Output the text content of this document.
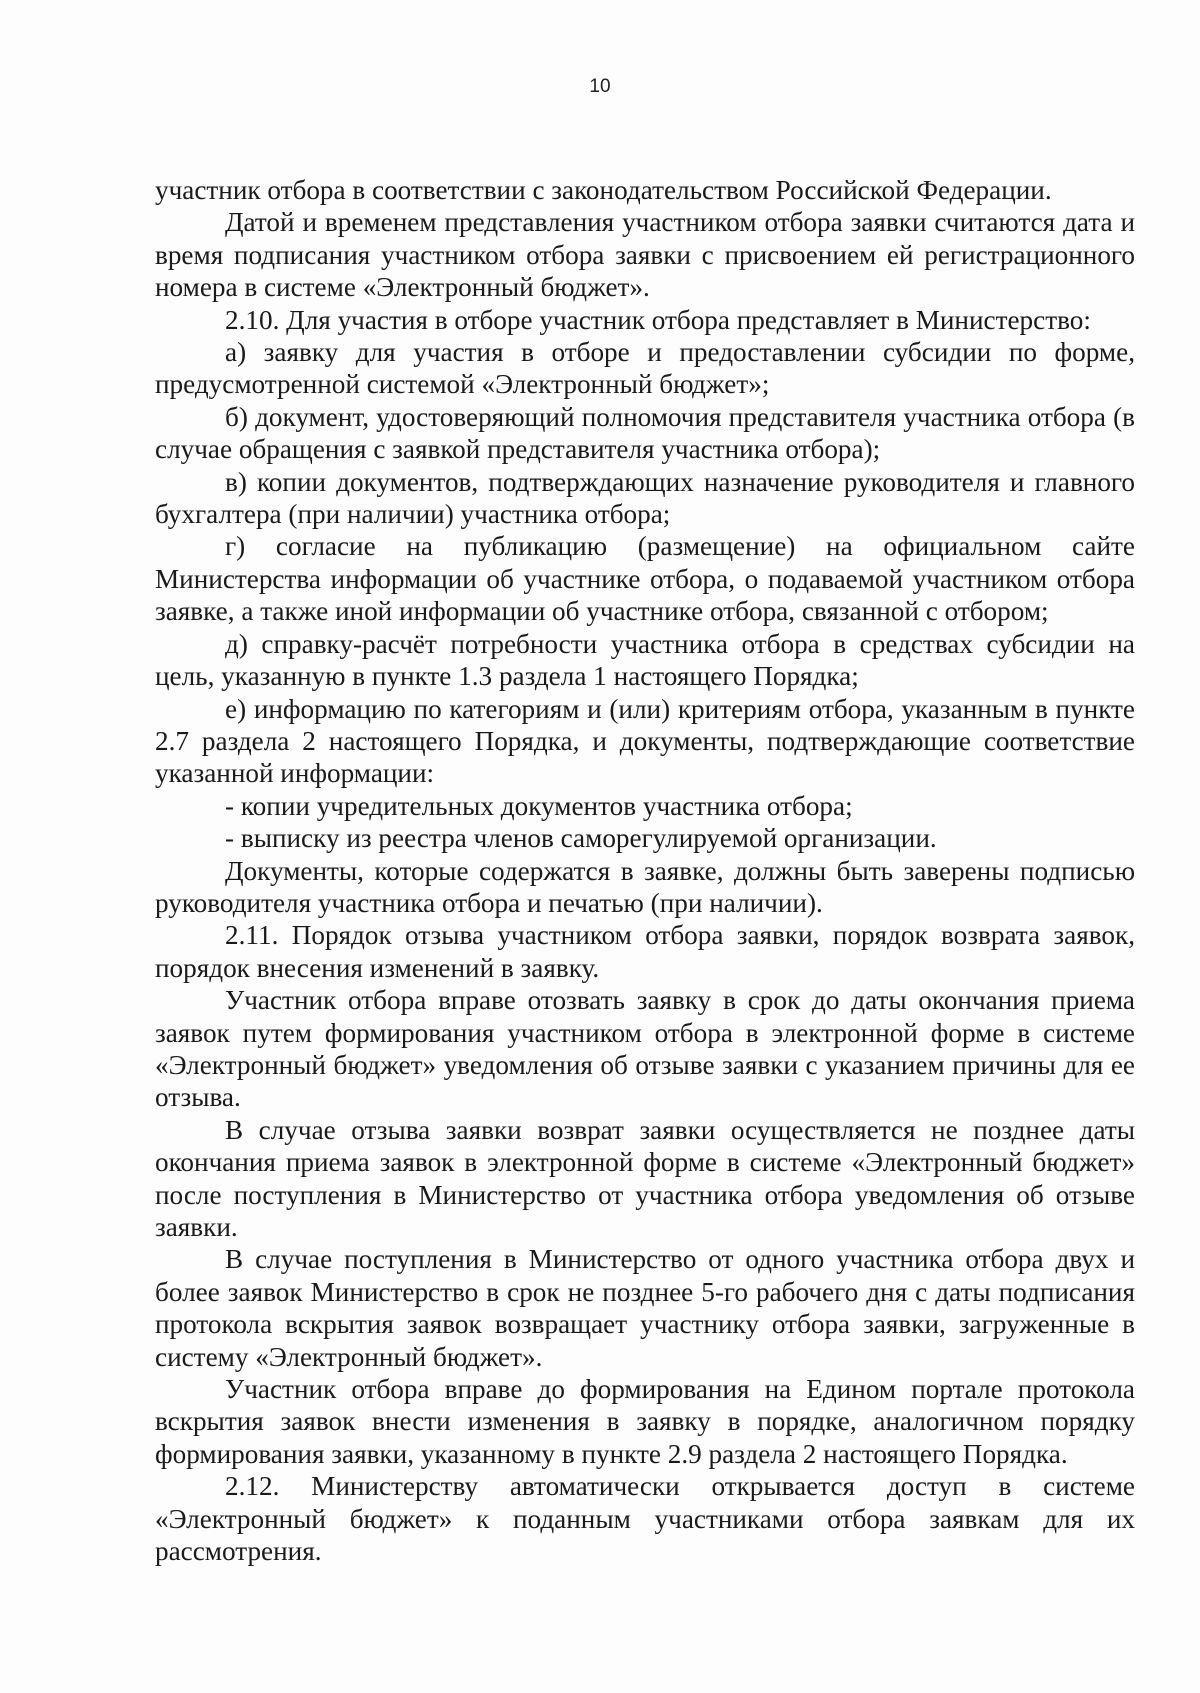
10

участник отбора в соответствии с законодательством Российской Федерации.

Датой и временем представления участником отбора заявки считаются дата и время подписания участником отбора заявки с присвоением ей регистрационного номера в системе «Электронный бюджет».

2.10. Для участия в отборе участник отбора представляет в Министерство:

а) заявку для участия в отборе и предоставлении субсидии по форме, предусмотренной системой «Электронный бюджет»;

б) документ, удостоверяющий полномочия представителя участника отбора (в случае обращения с заявкой представителя участника отбора);

в) копии документов, подтверждающих назначение руководителя и главного бухгалтера (при наличии) участника отбора;

г) согласие на публикацию (размещение) на официальном сайте Министерства информации об участнике отбора, о подаваемой участником отбора заявке, а также иной информации об участнике отбора, связанной с отбором;

д) справку-расчёт потребности участника отбора в средствах субсидии на цель, указанную в пункте 1.3 раздела 1 настоящего Порядка;

е) информацию по категориям и (или) критериям отбора, указанным в пункте 2.7 раздела 2 настоящего Порядка, и документы, подтверждающие соответствие указанной информации:

- копии учредительных документов участника отбора;

- выписку из реестра членов саморегулируемой организации.

Документы, которые содержатся в заявке, должны быть заверены подписью руководителя участника отбора и печатью (при наличии).

2.11. Порядок отзыва участником отбора заявки, порядок возврата заявок, порядок внесения изменений в заявку.

Участник отбора вправе отозвать заявку в срок до даты окончания приема заявок путем формирования участником отбора в электронной форме в системе «Электронный бюджет» уведомления об отзыве заявки с указанием причины для ее отзыва.

В случае отзыва заявки возврат заявки осуществляется не позднее даты окончания приема заявок в электронной форме в системе «Электронный бюджет» после поступления в Министерство от участника отбора уведомления об отзыве заявки.

В случае поступления в Министерство от одного участника отбора двух и более заявок Министерство в срок не позднее 5-го рабочего дня с даты подписания протокола вскрытия заявок возвращает участнику отбора заявки, загруженные в систему «Электронный бюджет».

Участник отбора вправе до формирования на Едином портале протокола вскрытия заявок внести изменения в заявку в порядке, аналогичном порядку формирования заявки, указанному в пункте 2.9 раздела 2 настоящего Порядка.

2.12. Министерству автоматически открывается доступ в системе «Электронный бюджет» к поданным участниками отбора заявкам для их рассмотрения.
